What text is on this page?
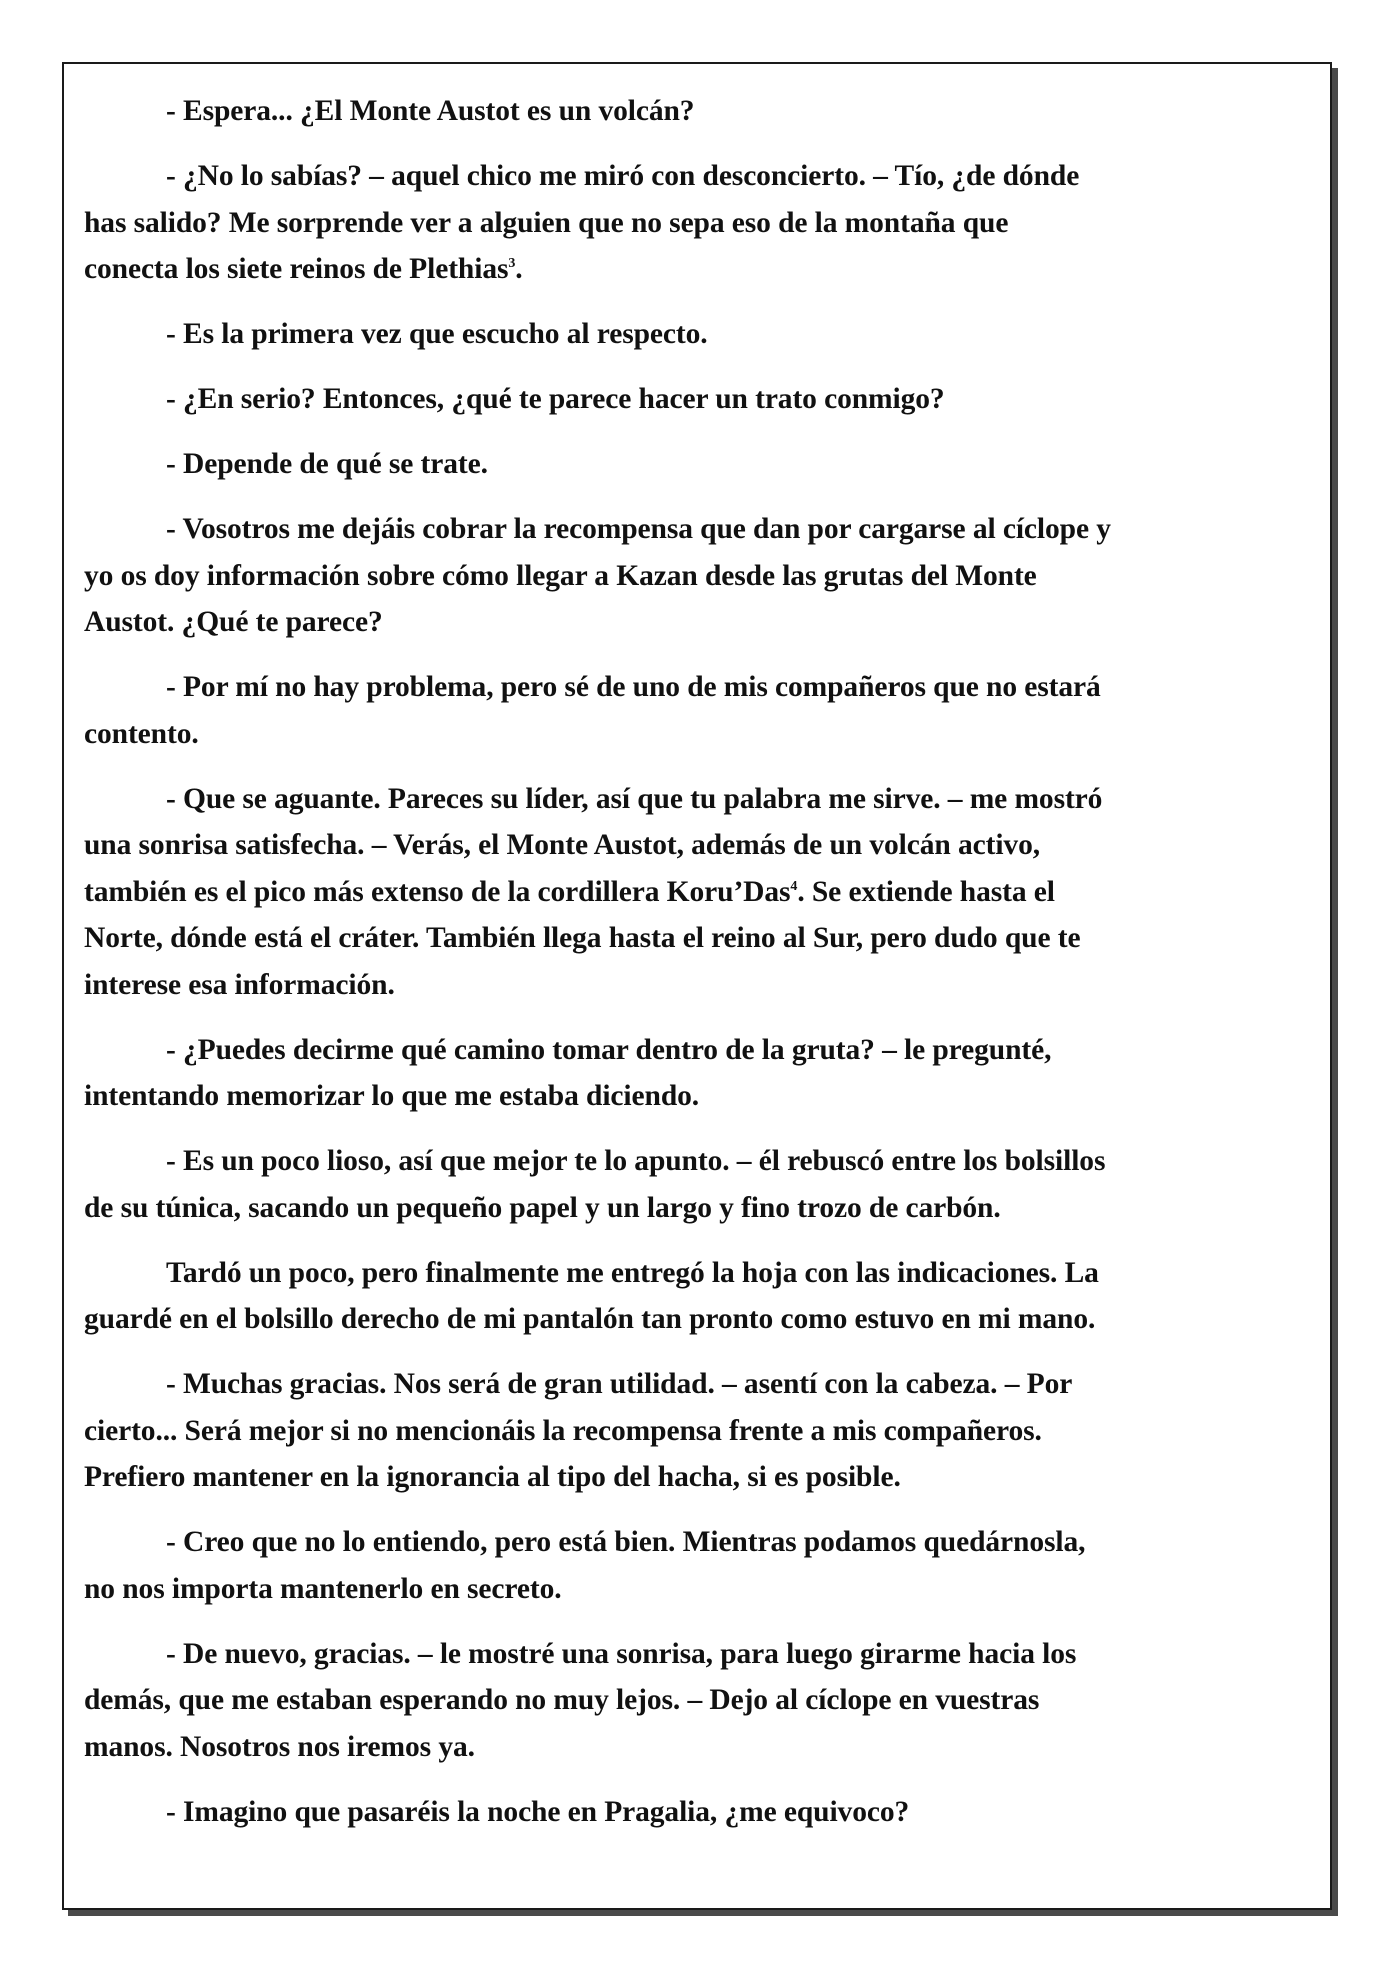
- Espera... ¿El Monte Austot es un volcán?

- ¿No lo sabías? – aquel chico me miró con desconcierto. – Tío, ¿de dónde
has salido? Me sorprende ver a alguien que no sepa eso de la montaña que
conecta los siete reinos de Plethias$^3$.

- Es la primera vez que escucho al respecto.

- ¿En serio? Entonces, ¿qué te parece hacer un trato conmigo?

- Depende de qué se trate.

- Vosotros me dejáis cobrar la recompensa que dan por cargarse al cíclope y
yo os doy información sobre cómo llegar a Kazan desde las grutas del Monte
Austot. ¿Qué te parece?

- Por mí no hay problema, pero sé de uno de mis compañeros que no estará
contento.

- Que se aguante. Pareces su líder, así que tu palabra me sirve. – me mostró
una sonrisa satisfecha. – Verás, el Monte Austot, además de un volcán activo,
también es el pico más extenso de la cordillera Koru’Das$^4$. Se extiende hasta el
Norte, dónde está el cráter. También llega hasta el reino al Sur, pero dudo que te
interese esa información.

- ¿Puedes decirme qué camino tomar dentro de la gruta? – le pregunté,
intentando memorizar lo que me estaba diciendo.

- Es un poco lioso, así que mejor te lo apunto. – él rebuscó entre los bolsillos
de su túnica, sacando un pequeño papel y un largo y fino trozo de carbón.

Tardó un poco, pero finalmente me entregó la hoja con las indicaciones. La
guardé en el bolsillo derecho de mi pantalón tan pronto como estuvo en mi mano.

- Muchas gracias. Nos será de gran utilidad. – asentí con la cabeza. – Por
cierto... Será mejor si no mencionáis la recompensa frente a mis compañeros.
Prefiero mantener en la ignorancia al tipo del hacha, si es posible.

- Creo que no lo entiendo, pero está bien. Mientras podamos quedárnosla,
no nos importa mantenerlo en secreto.

- De nuevo, gracias. – le mostré una sonrisa, para luego girarme hacia los
demás, que me estaban esperando no muy lejos. – Dejo al cíclope en vuestras
manos. Nosotros nos iremos ya.

- Imagino que pasaréis la noche en Pragalia, ¿me equivoco?
